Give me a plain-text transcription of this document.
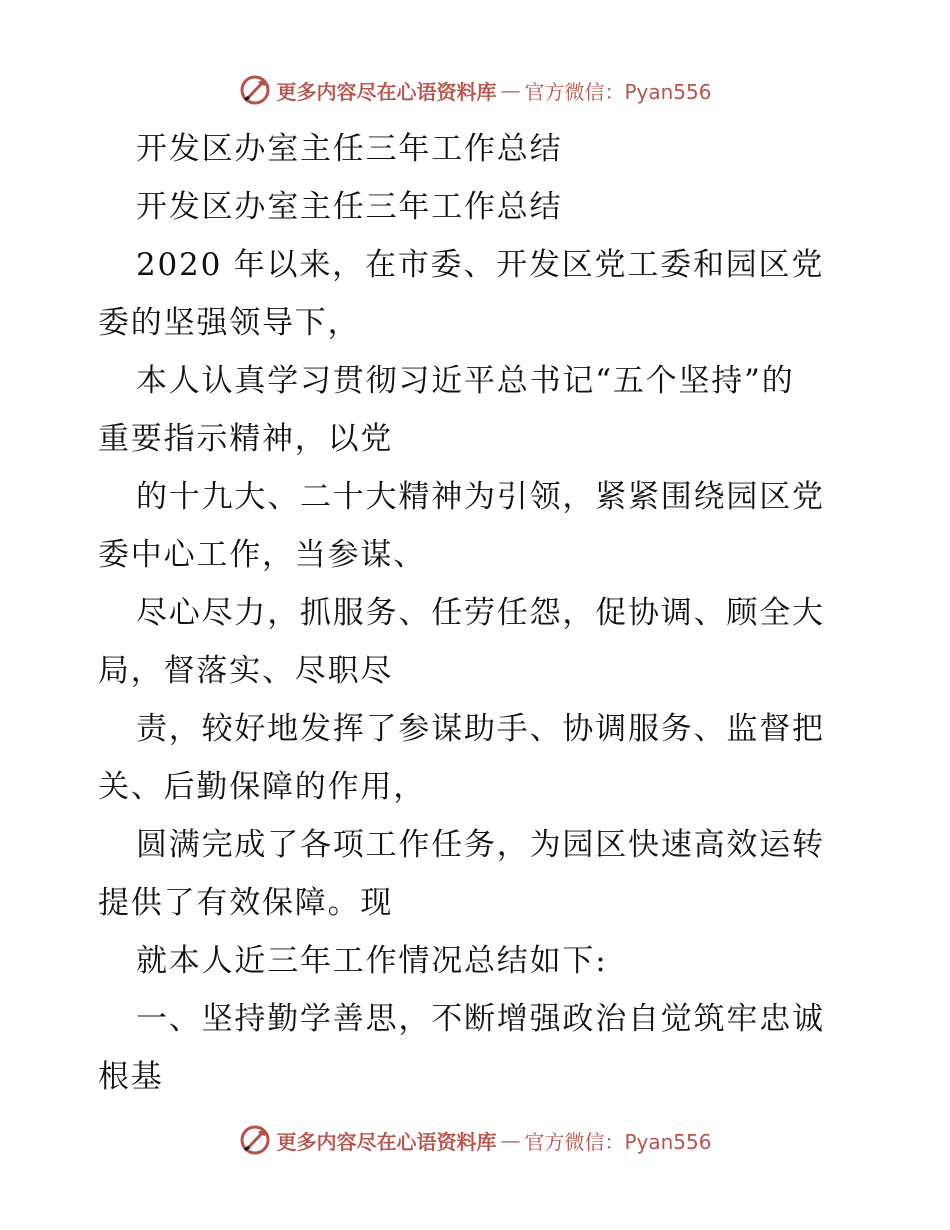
更多内容尽在心语资料库 — 官方微信：Pyan556
开发区办室主任三年工作总结
开发区办室主任三年工作总结
2020 年以来，在市委、开发区党工委和园区党
委的坚强领导下，
本人认真学习贯彻习近平总书记“五个坚持”的
重要指示精神，以党
的十九大、二十大精神为引领，紧紧围绕园区党
委中心工作，当参谋、
尽心尽力，抓服务、任劳任怨，促协调、顾全大
局，督落实、尽职尽
责，较好地发挥了参谋助手、协调服务、监督把
关、后勤保障的作用，
圆满完成了各项工作任务，为园区快速高效运转
提供了有效保障。现
就本人近三年工作情况总结如下:
一、坚持勤学善思，不断增强政治自觉筑牢忠诚
根基
更多内容尽在心语资料库 — 官方微信：Pyan556
